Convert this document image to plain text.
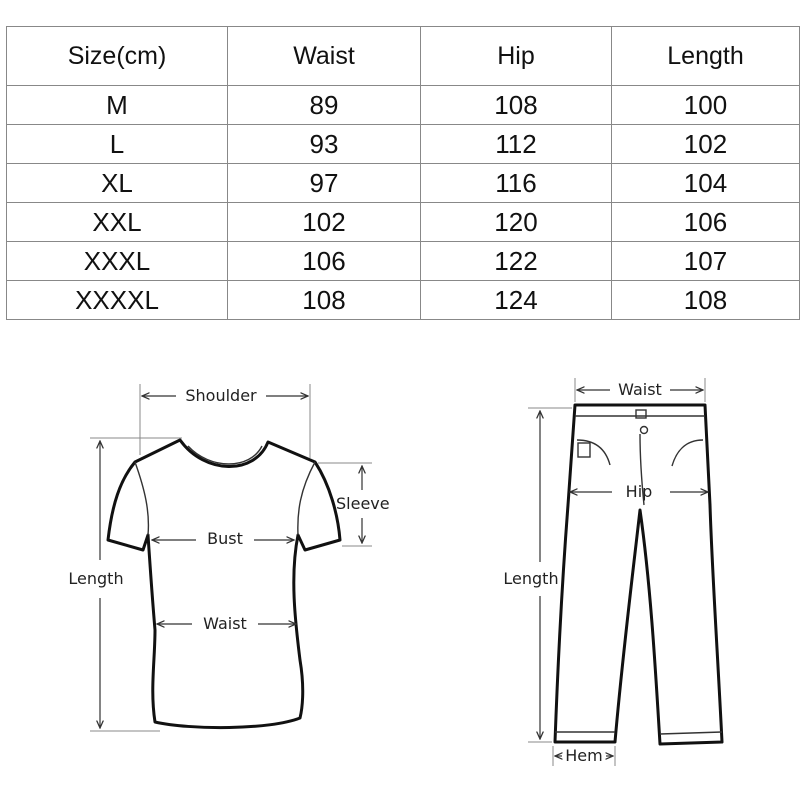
Size(cm)	Waist	Hip	Length
M	89	108	100
L	93	112	102
XL	97	116	104
XXL	102	120	106
XXXL	106	122	107
XXXXL	108	124	108
Shoulder
Sleeve
Bust
Waist
Length
Waist
Hip
Length
Hem
